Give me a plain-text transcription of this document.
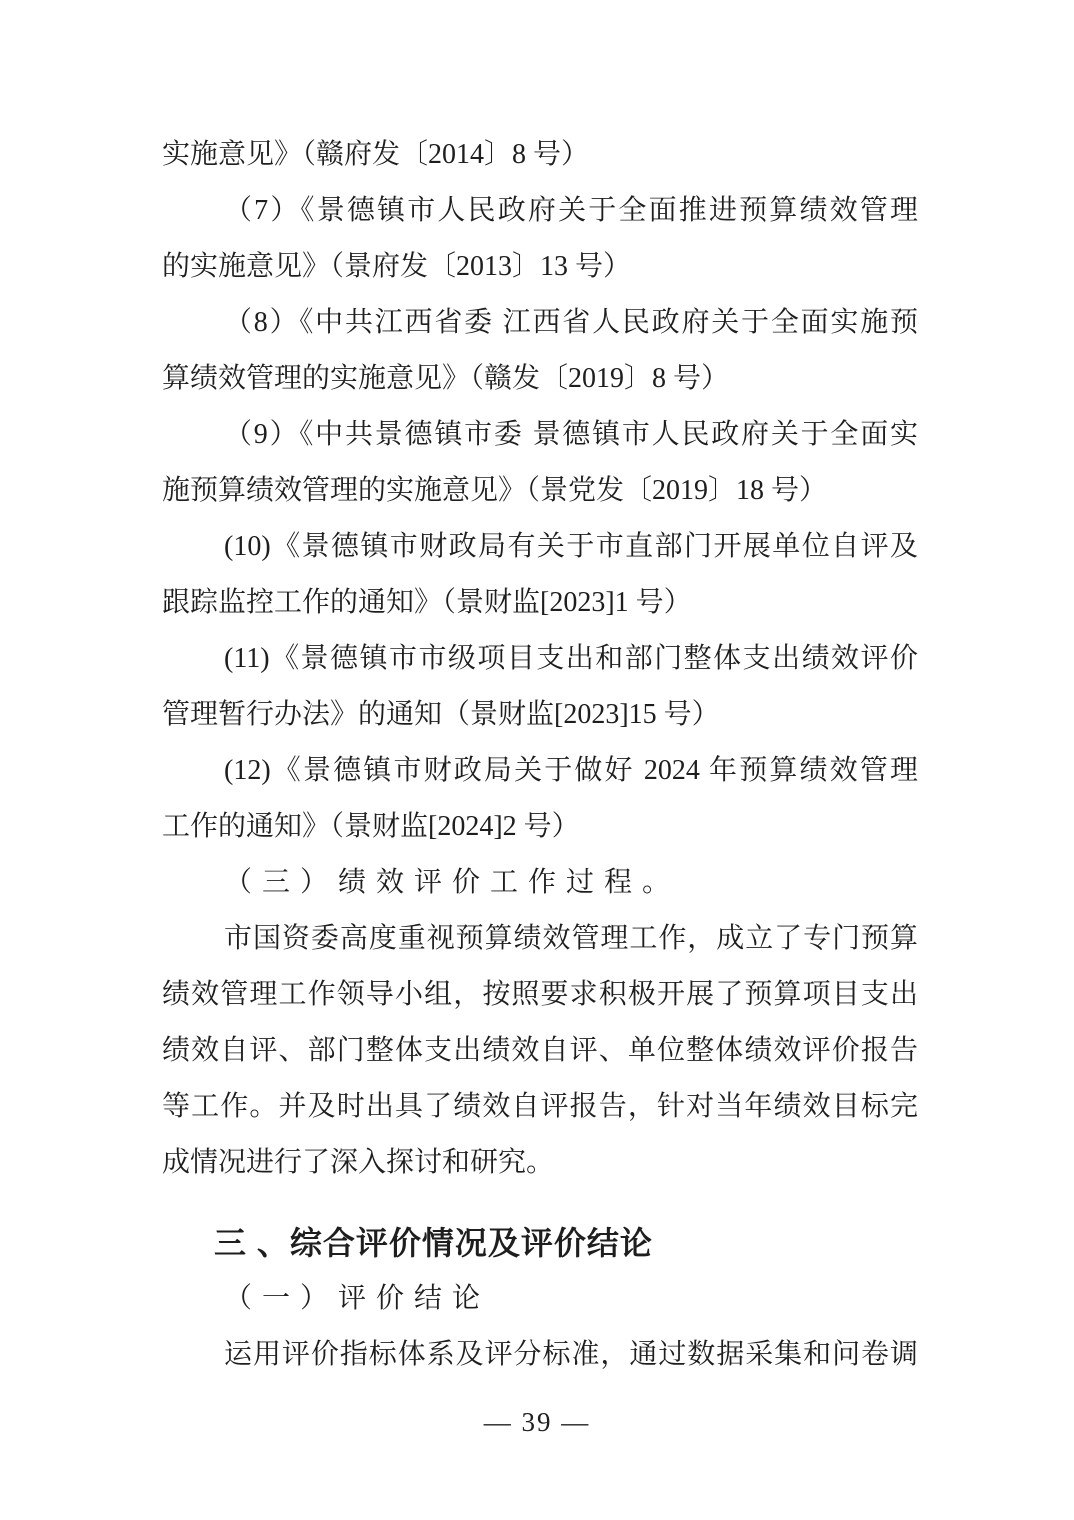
实施意见》（赣府发〔2014〕8 号）
（7）《景德镇市人民政府关于全面推进预算绩效管理
的实施意见》（景府发〔2013〕13 号）
（8）《中共江西省委 江西省人民政府关于全面实施预
算绩效管理的实施意见》（赣发〔2019〕8 号）
（9）《中共景德镇市委 景德镇市人民政府关于全面实
施预算绩效管理的实施意见》（景党发〔2019〕18 号）
(10)《景德镇市财政局有关于市直部门开展单位自评及
跟踪监控工作的通知》（景财监[2023]1 号）
(11)《景德镇市市级项目支出和部门整体支出绩效评价
管理暂行办法》的通知（景财监[2023]15 号）
(12)《景德镇市财政局关于做好 2024 年预算绩效管理
工作的通知》（景财监[2024]2 号）
（三）绩效评价工作过程。
市国资委高度重视预算绩效管理工作，成立了专门预算
绩效管理工作领导小组，按照要求积极开展了预算项目支出
绩效自评、部门整体支出绩效自评、单位整体绩效评价报告
等工作。并及时出具了绩效自评报告，针对当年绩效目标完
成情况进行了深入探讨和研究。
三 、综合评价情况及评价结论
（一）评价结论
运用评价指标体系及评分标准，通过数据采集和问卷调
— 39 —
